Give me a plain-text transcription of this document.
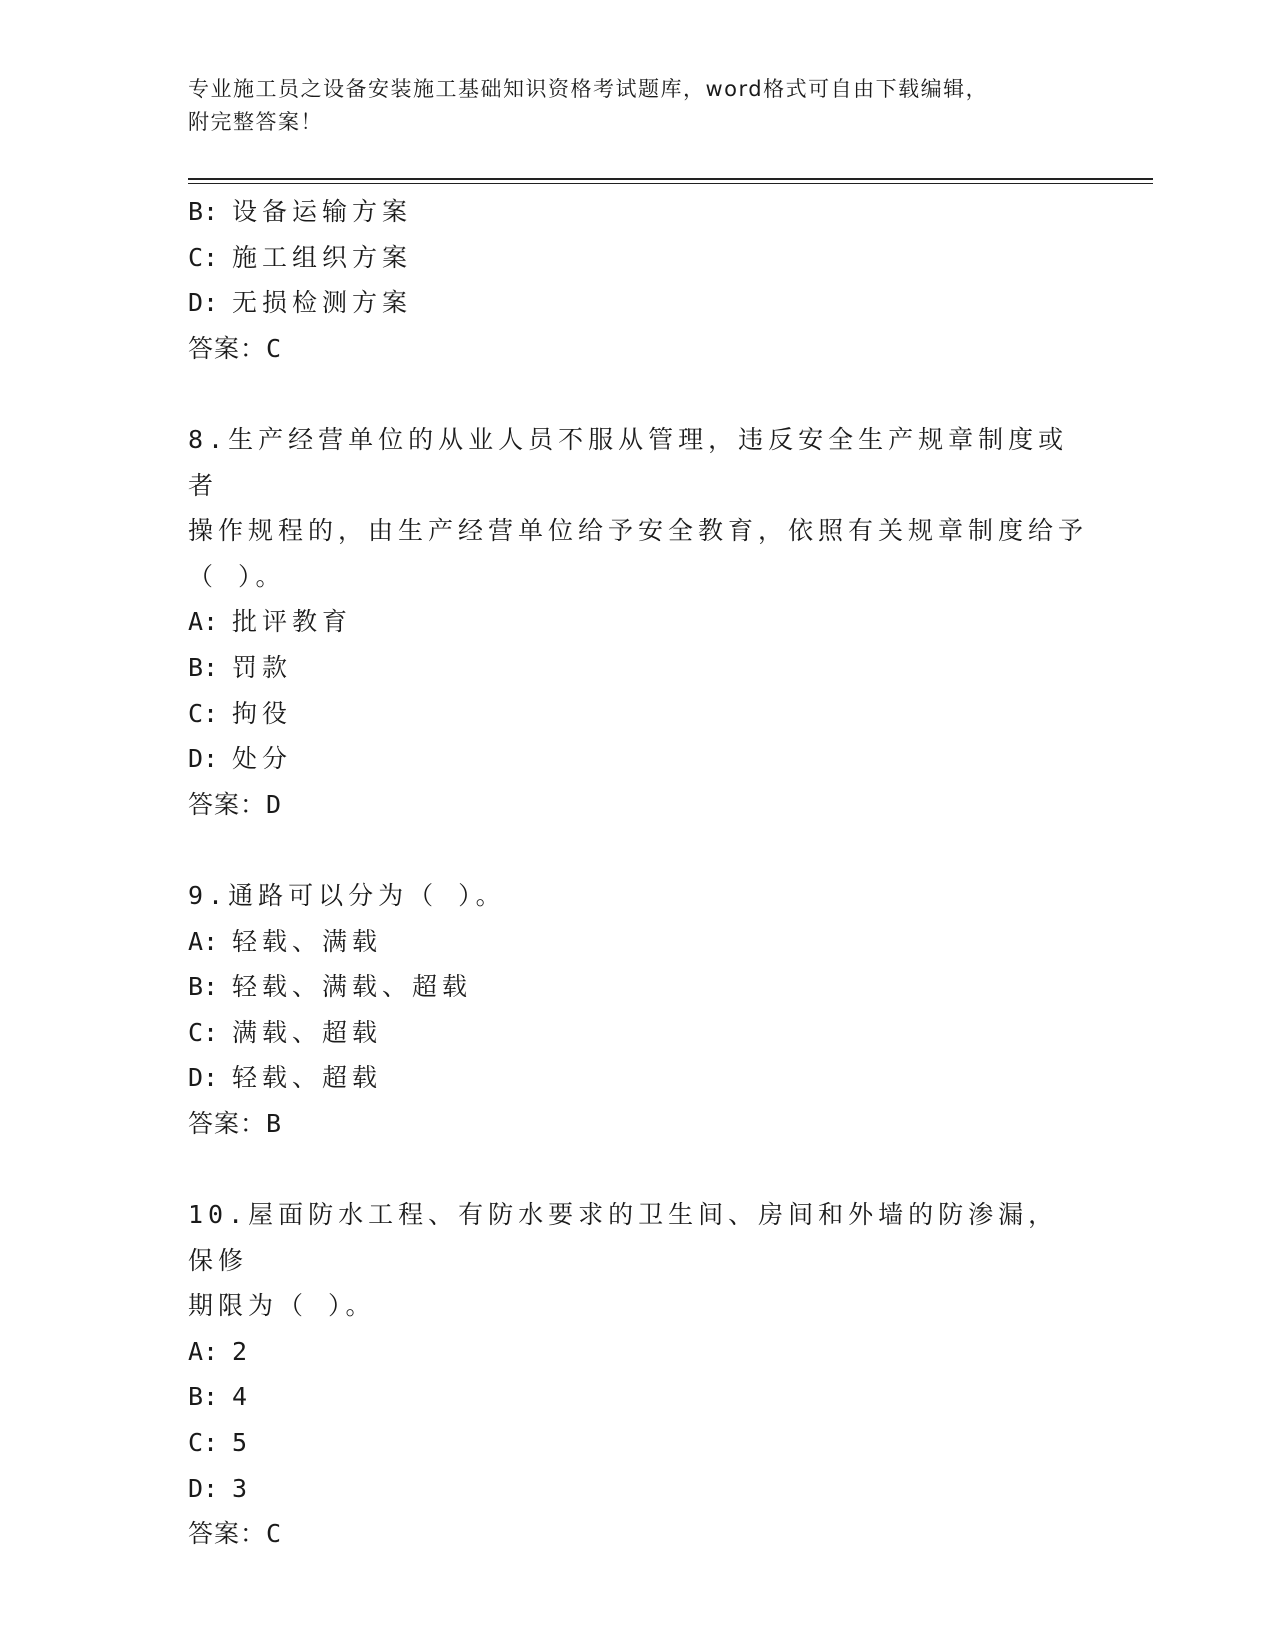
专业施工员之设备安装施工基础知识资格考试题库，word格式可自由下载编辑，
附完整答案！
B: 设备运输方案
C: 施工组织方案
D: 无损检测方案
答案：C
8.生产经营单位的从业人员不服从管理，违反安全生产规章制度或者
操作规程的，由生产经营单位给予安全教育，依照有关规章制度给予
（ ）。
A: 批评教育
B: 罚款
C: 拘役
D: 处分
答案：D
9.通路可以分为（ ）。
A: 轻载、满载
B: 轻载、满载、超载
C: 满载、超载
D: 轻载、超载
答案：B
10.屋面防水工程、有防水要求的卫生间、房间和外墙的防渗漏，保修
期限为（ ）。
A: 2
B: 4
C: 5
D: 3
答案：C
